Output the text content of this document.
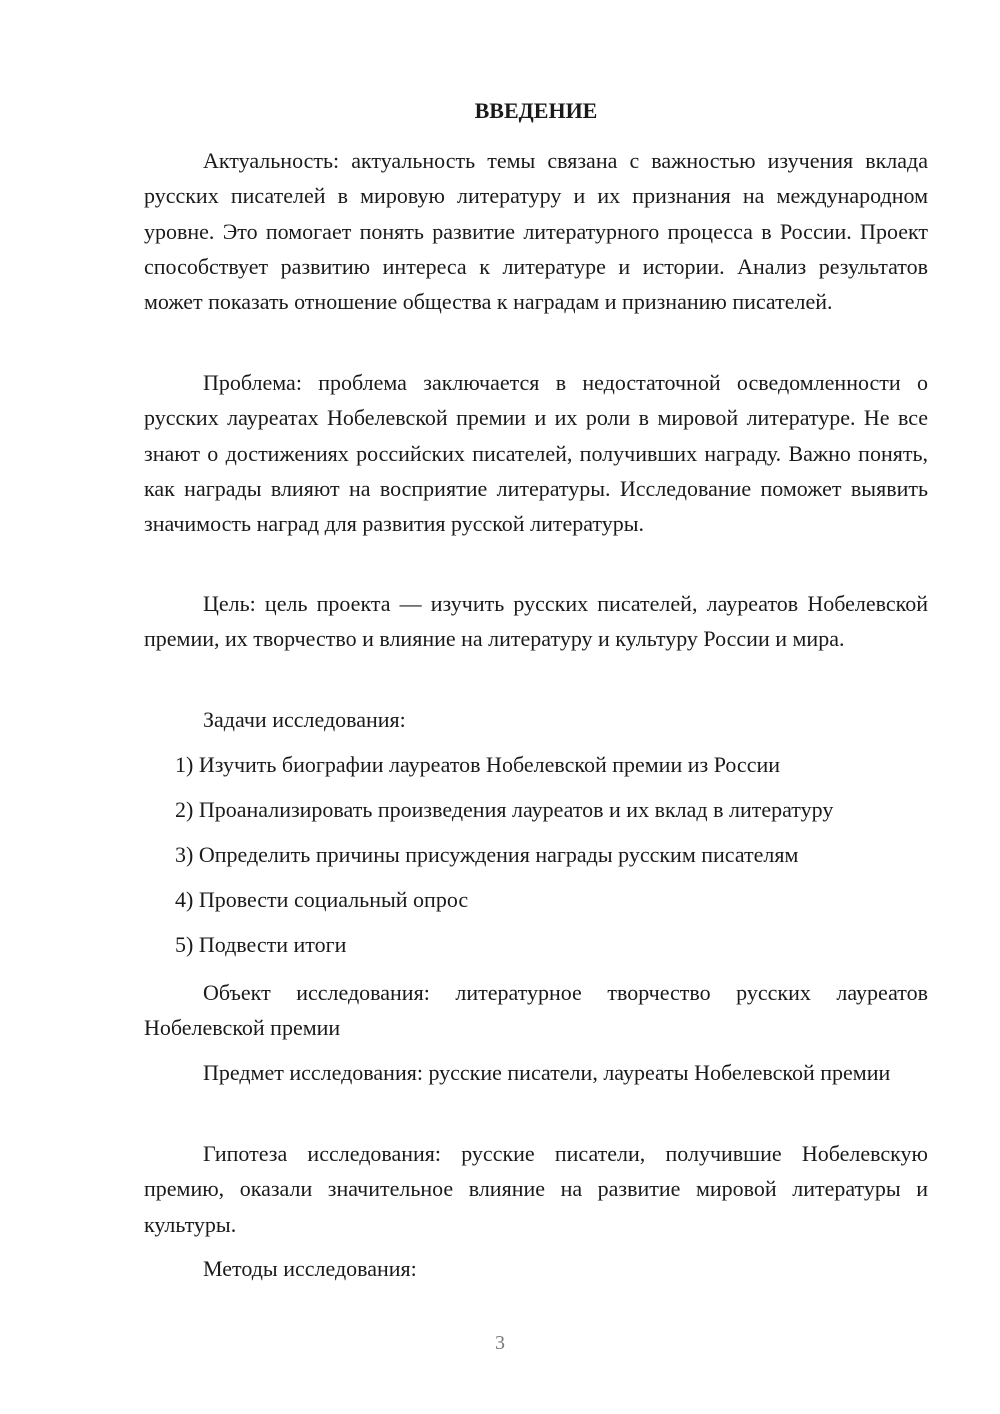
ВВЕДЕНИЕ

Актуальность: актуальность темы связана с важностью изучения вклада русских писателей в мировую литературу и их признания на международном уровне. Это помогает понять развитие литературного процесса в России. Проект способствует развитию интереса к литературе и истории. Анализ результатов может показать отношение общества к наградам и признанию писателей.

Проблема: проблема заключается в недостаточной осведомленности о русских лауреатах Нобелевской премии и их роли в мировой литературе. Не все знают о достижениях российских писателей, получивших награду. Важно понять, как награды влияют на восприятие литературы. Исследование поможет выявить значимость наград для развития русской литературы.

Цель: цель проекта — изучить русских писателей, лауреатов Нобелевской премии, их творчество и влияние на литературу и культуру России и мира.

Задачи исследования:

1) Изучить биографии лауреатов Нобелевской премии из России
2) Проанализировать произведения лауреатов и их вклад в литературу
3) Определить причины присуждения награды русским писателям
4) Провести социальный опрос
5) Подвести итоги

Объект исследования: литературное творчество русских лауреатов Нобелевской премии

Предмет исследования: русские писатели, лауреаты Нобелевской премии

Гипотеза исследования: русские писатели, получившие Нобелевскую премию, оказали значительное влияние на развитие мировой литературы и культуры.

Методы исследования:

3
